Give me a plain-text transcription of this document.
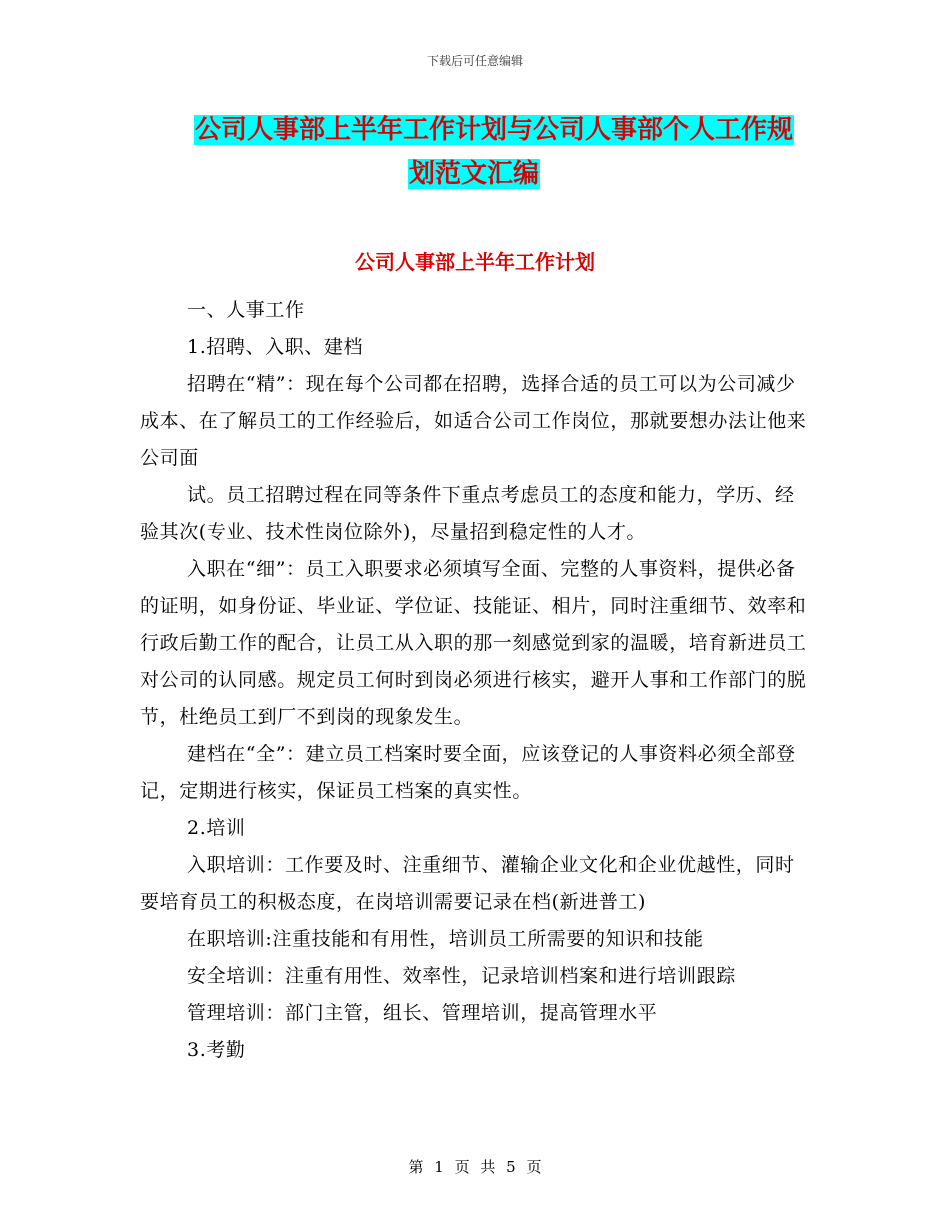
下载后可任意编辑
公司人事部上半年工作计划与公司人事部个人工作规
划范文汇编
公司人事部上半年工作计划

一、人事工作

1.招聘、入职、建档

招聘在“精”：现在每个公司都在招聘，选择合适的员工可以为公司减少成本、在了解员工的工作经验后，如适合公司工作岗位，那就要想办法让他来公司面

试。员工招聘过程在同等条件下重点考虑员工的态度和能力，学历、经验其次(专业、技术性岗位除外)，尽量招到稳定性的人才。

入职在“细”：员工入职要求必须填写全面、完整的人事资料，提供必备的证明，如身份证、毕业证、学位证、技能证、相片，同时注重细节、效率和行政后勤工作的配合，让员工从入职的那一刻感觉到家的温暖，培育新进员工对公司的认同感。规定员工何时到岗必须进行核实，避开人事和工作部门的脱节，杜绝员工到厂不到岗的现象发生。

建档在“全”：建立员工档案时要全面，应该登记的人事资料必须全部登记，定期进行核实，保证员工档案的真实性。

2.培训

入职培训：工作要及时、注重细节、灌输企业文化和企业优越性，同时要培育员工的积极态度，在岗培训需要记录在档(新进普工)

在职培训:注重技能和有用性，培训员工所需要的知识和技能

安全培训：注重有用性、效率性，记录培训档案和进行培训跟踪

管理培训：部门主管，组长、管理培训，提高管理水平

3.考勤

第 1 页 共 5 页
